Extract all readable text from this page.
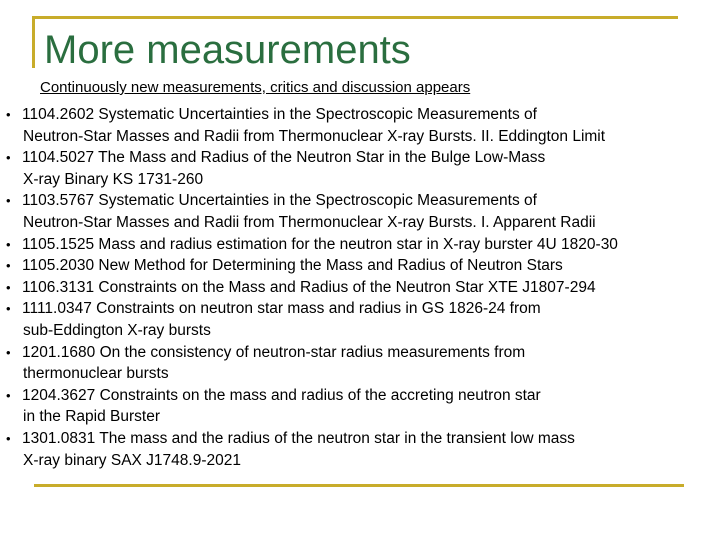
More measurements
Continuously new measurements, critics and discussion appears
• 1104.2602 Systematic Uncertainties in the Spectroscopic Measurements of
Neutron-Star Masses and Radii from Thermonuclear X-ray Bursts. II. Eddington Limit
• 1104.5027 The Mass and Radius of the Neutron Star in the Bulge Low-Mass
X-ray Binary KS 1731-260
• 1103.5767 Systematic Uncertainties in the Spectroscopic Measurements of
Neutron-Star Masses and Radii from Thermonuclear X-ray Bursts. I. Apparent Radii
• 1105.1525 Mass and radius estimation for the neutron star in X-ray burster 4U 1820-30
• 1105.2030 New Method for Determining the Mass and Radius of Neutron Stars
• 1106.3131 Constraints on the Mass and Radius of the Neutron Star XTE J1807-294
• 1111.0347 Constraints on neutron star mass and radius in GS 1826-24 from
sub-Eddington X-ray bursts
• 1201.1680 On the consistency of neutron-star radius measurements from
thermonuclear bursts
• 1204.3627 Constraints on the mass and radius of the accreting neutron star
in the Rapid Burster
• 1301.0831 The mass and the radius of the neutron star in the transient low mass
X-ray binary SAX J1748.9-2021
